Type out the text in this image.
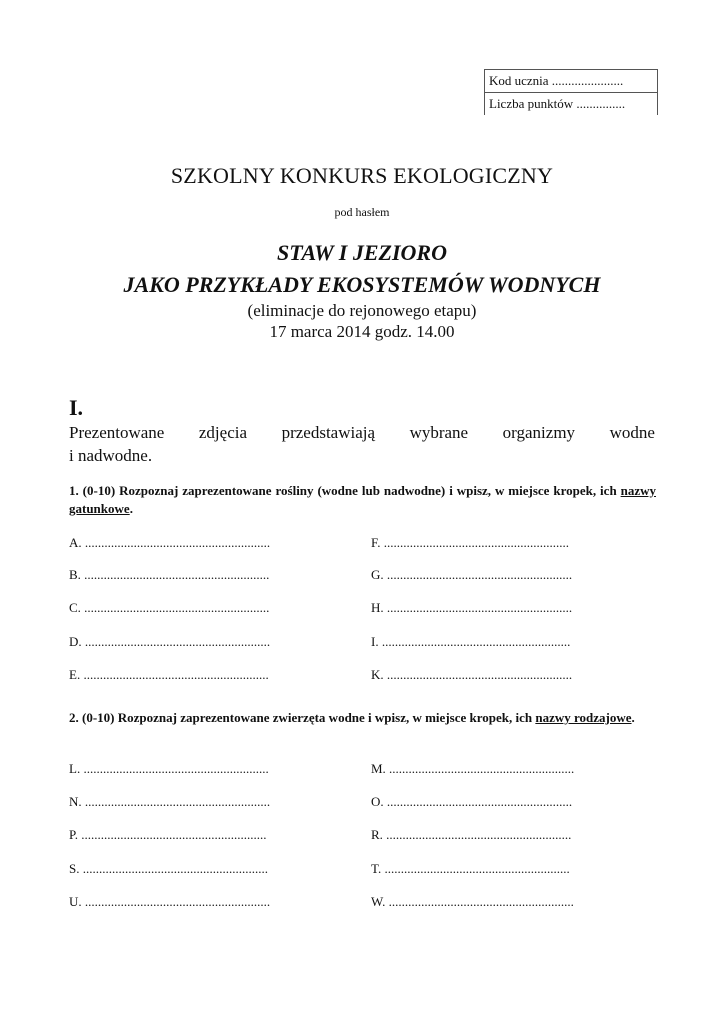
Kod ucznia ......................
Liczba punktów ...............
SZKOLNY KONKURS EKOLOGICZNY
pod hasłem
STAW I JEZIORO
JAKO PRZYKŁADY EKOSYSTEMÓW WODNYCH
(eliminacje do rejonowego etapu)
17 marca 2014 godz. 14.00
I.
Prezentowane zdjęcia przedstawiają wybrane organizmy wodne
i nadwodne.
1. (0-10) Rozpoznaj zaprezentowane rośliny (wodne lub nadwodne) i wpisz, w miejsce kropek, ich nazwy gatunkowe.
A. .........................................................	F. .........................................................
B. .........................................................	G. .........................................................
C. .........................................................	H. .........................................................
D. .........................................................	I. ..........................................................
E. .........................................................	K. .........................................................
2. (0-10) Rozpoznaj zaprezentowane zwierzęta wodne i wpisz, w miejsce kropek, ich nazwy rodzajowe.
L. .........................................................	M. .........................................................
N. .........................................................	O. .........................................................
P. .........................................................	R. .........................................................
S. .........................................................	T. .........................................................
U. .........................................................	W. .........................................................
